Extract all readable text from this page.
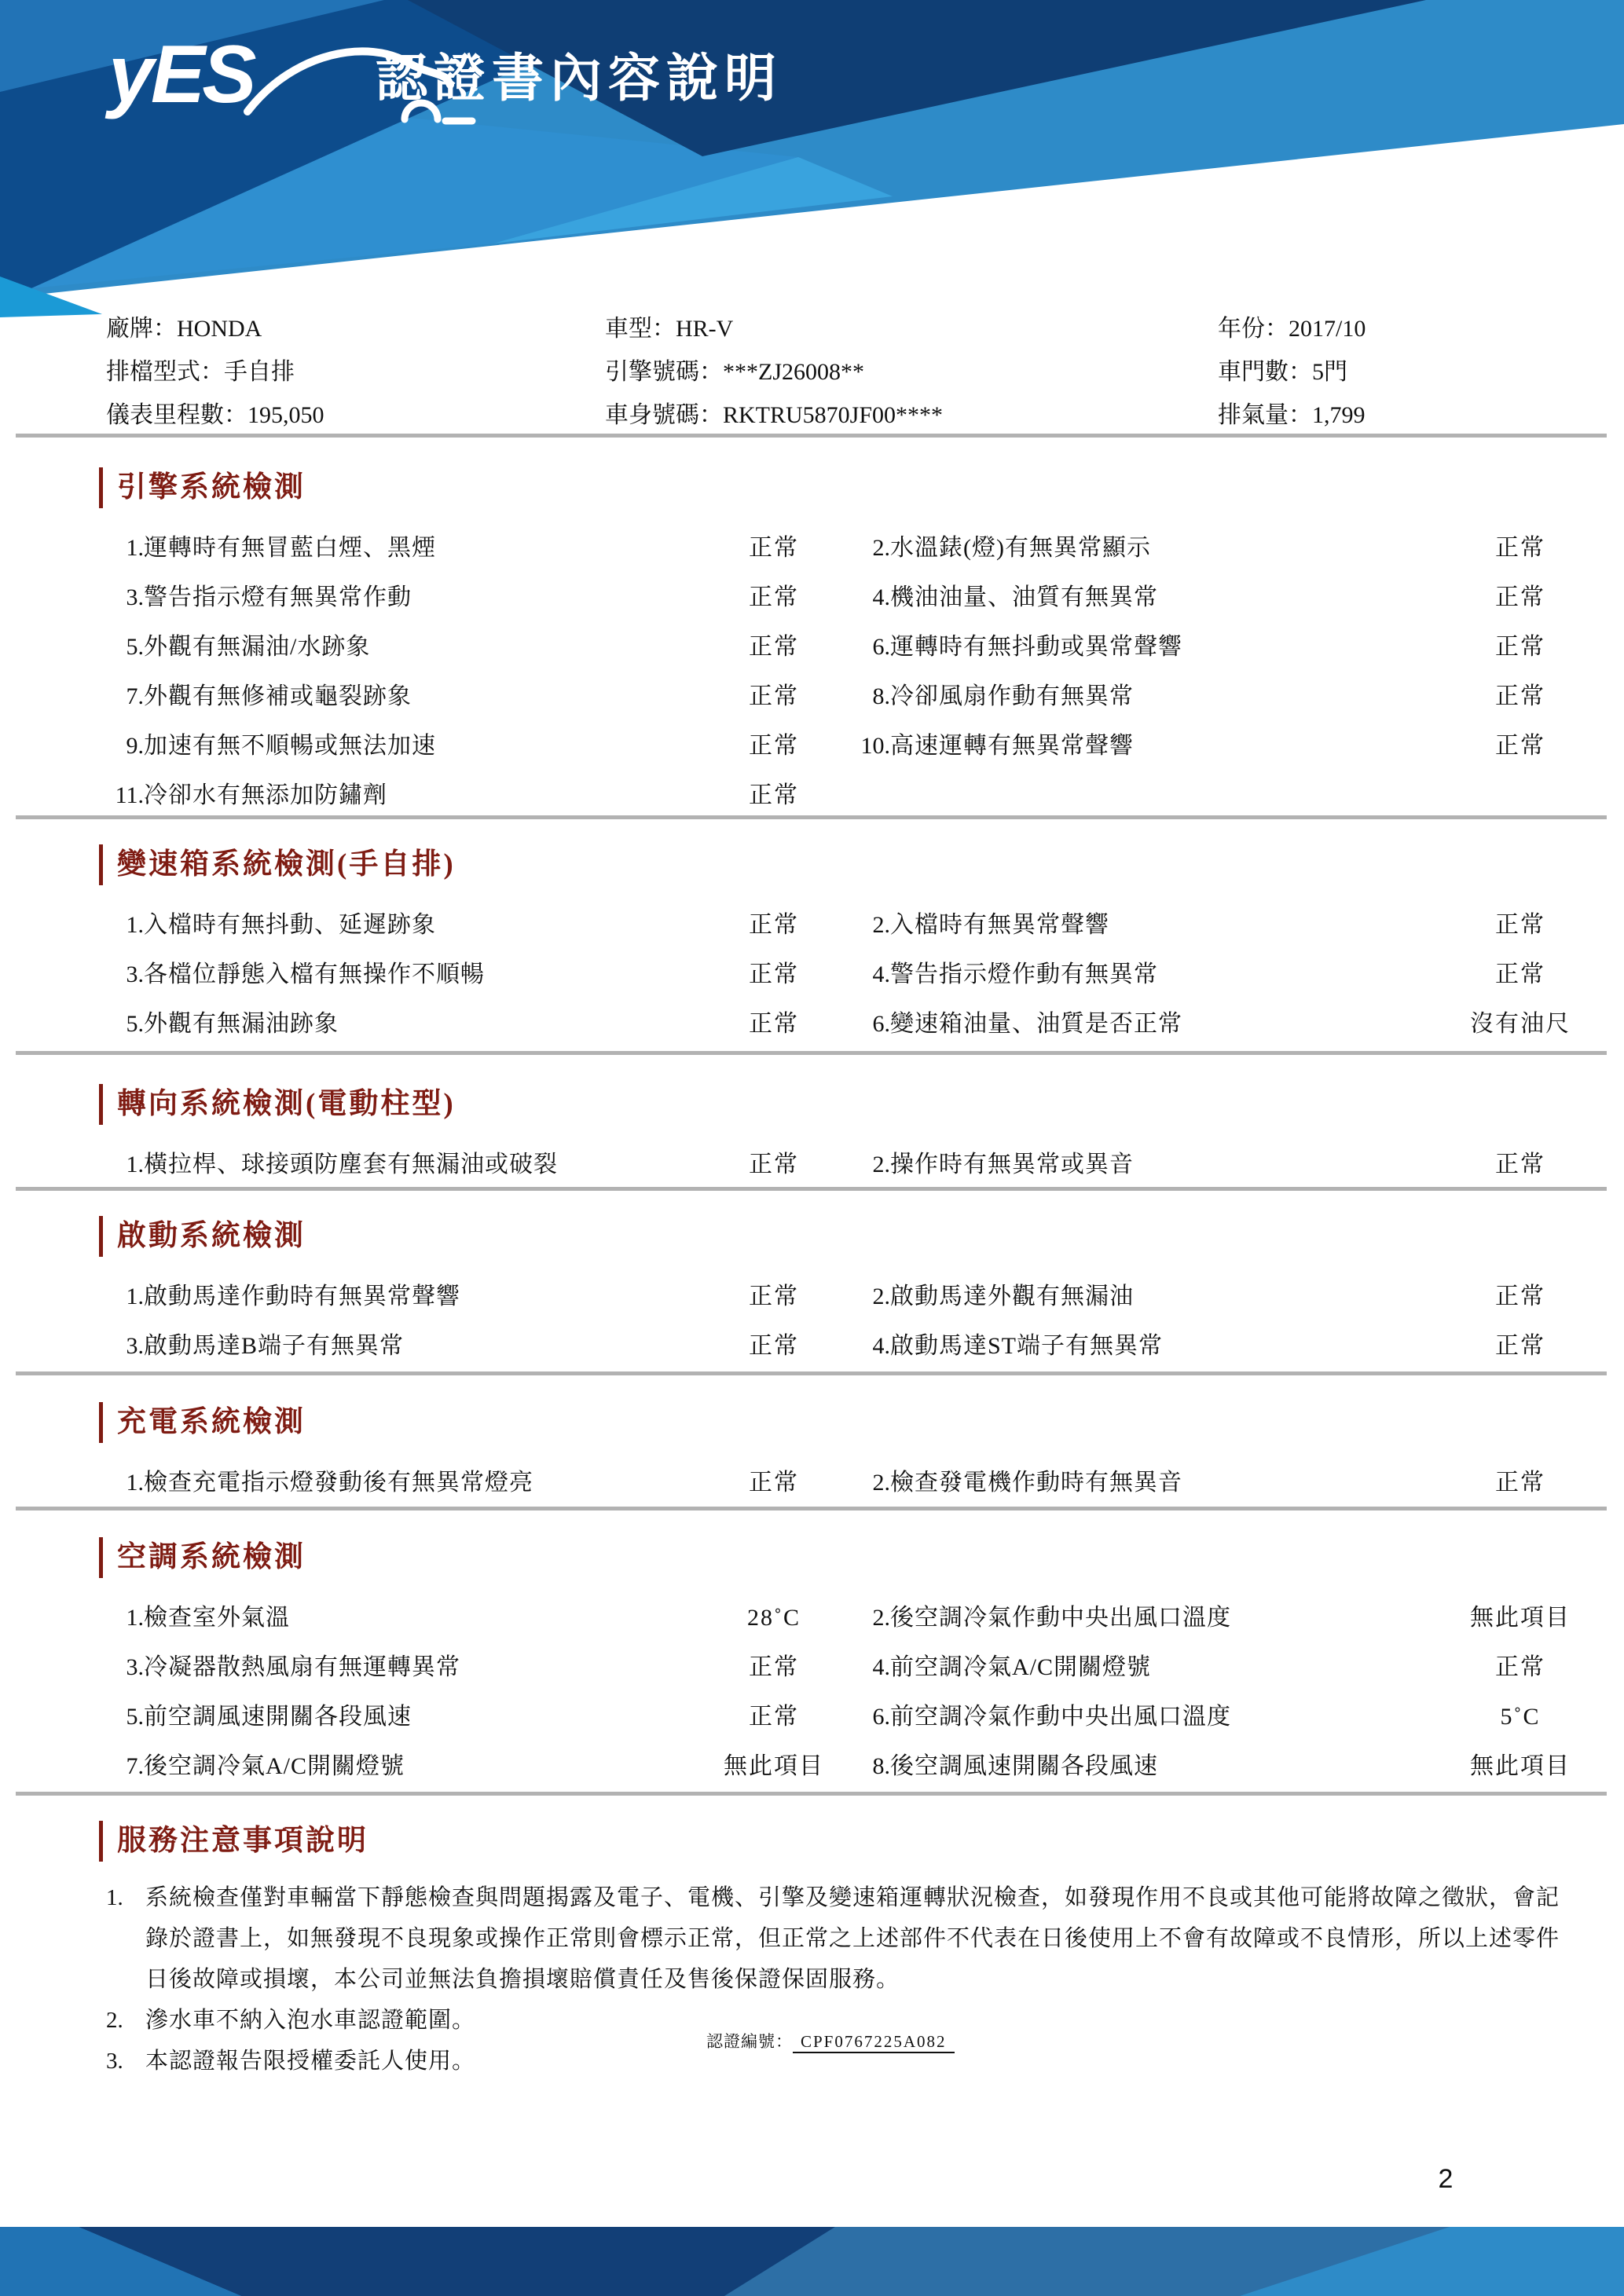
yES 認證書內容說明
廠牌：HONDA	車型：HR-V	年份：2017/10
排檔型式：手自排	引擎號碼：***ZJ26008**	車門數：5門
儀表里程數：195,050	車身號碼：RKTRU5870JF00****	排氣量：1,799
引擎系統檢測
1. 運轉時有無冒藍白煙、黑煙	正常	2. 水溫錶(燈)有無異常顯示	正常
3. 警告指示燈有無異常作動	正常	4. 機油油量、油質有無異常	正常
5. 外觀有無漏油/水跡象	正常	6. 運轉時有無抖動或異常聲響	正常
7. 外觀有無修補或龜裂跡象	正常	8. 冷卻風扇作動有無異常	正常
9. 加速有無不順暢或無法加速	正常	10. 高速運轉有無異常聲響	正常
11. 冷卻水有無添加防鏽劑	正常
變速箱系統檢測(手自排)
1. 入檔時有無抖動、延遲跡象	正常	2. 入檔時有無異常聲響	正常
3. 各檔位靜態入檔有無操作不順暢	正常	4. 警告指示燈作動有無異常	正常
5. 外觀有無漏油跡象	正常	6. 變速箱油量、油質是否正常	沒有油尺
轉向系統檢測(電動柱型)
1. 橫拉桿、球接頭防塵套有無漏油或破裂	正常	2. 操作時有無異常或異音	正常
啟動系統檢測
1. 啟動馬達作動時有無異常聲響	正常	2. 啟動馬達外觀有無漏油	正常
3. 啟動馬達B端子有無異常	正常	4. 啟動馬達ST端子有無異常	正常
充電系統檢測
1. 檢查充電指示燈發動後有無異常燈亮	正常	2. 檢查發電機作動時有無異音	正常
空調系統檢測
1. 檢查室外氣溫	28˚C	2. 後空調冷氣作動中央出風口溫度	無此項目
3. 冷凝器散熱風扇有無運轉異常	正常	4. 前空調冷氣A/C開關燈號	正常
5. 前空調風速開關各段風速	正常	6. 前空調冷氣作動中央出風口溫度	5˚C
7. 後空調冷氣A/C開關燈號	無此項目	8. 後空調風速開關各段風速	無此項目
服務注意事項說明
1. 系統檢查僅對車輛當下靜態檢查與問題揭露及電子、電機、引擎及變速箱運轉狀況檢查，如發現作用不良或其他可能將故障之徵狀，會記錄於證書上，如無發現不良現象或操作正常則會標示正常，但正常之上述部件不代表在日後使用上不會有故障或不良情形，所以上述零件日後故障或損壞，本公司並無法負擔損壞賠償責任及售後保證保固服務。
2. 滲水車不納入泡水車認證範圍。
3. 本認證報告限授權委託人使用。
認證編號： CPF0767225A082
2
